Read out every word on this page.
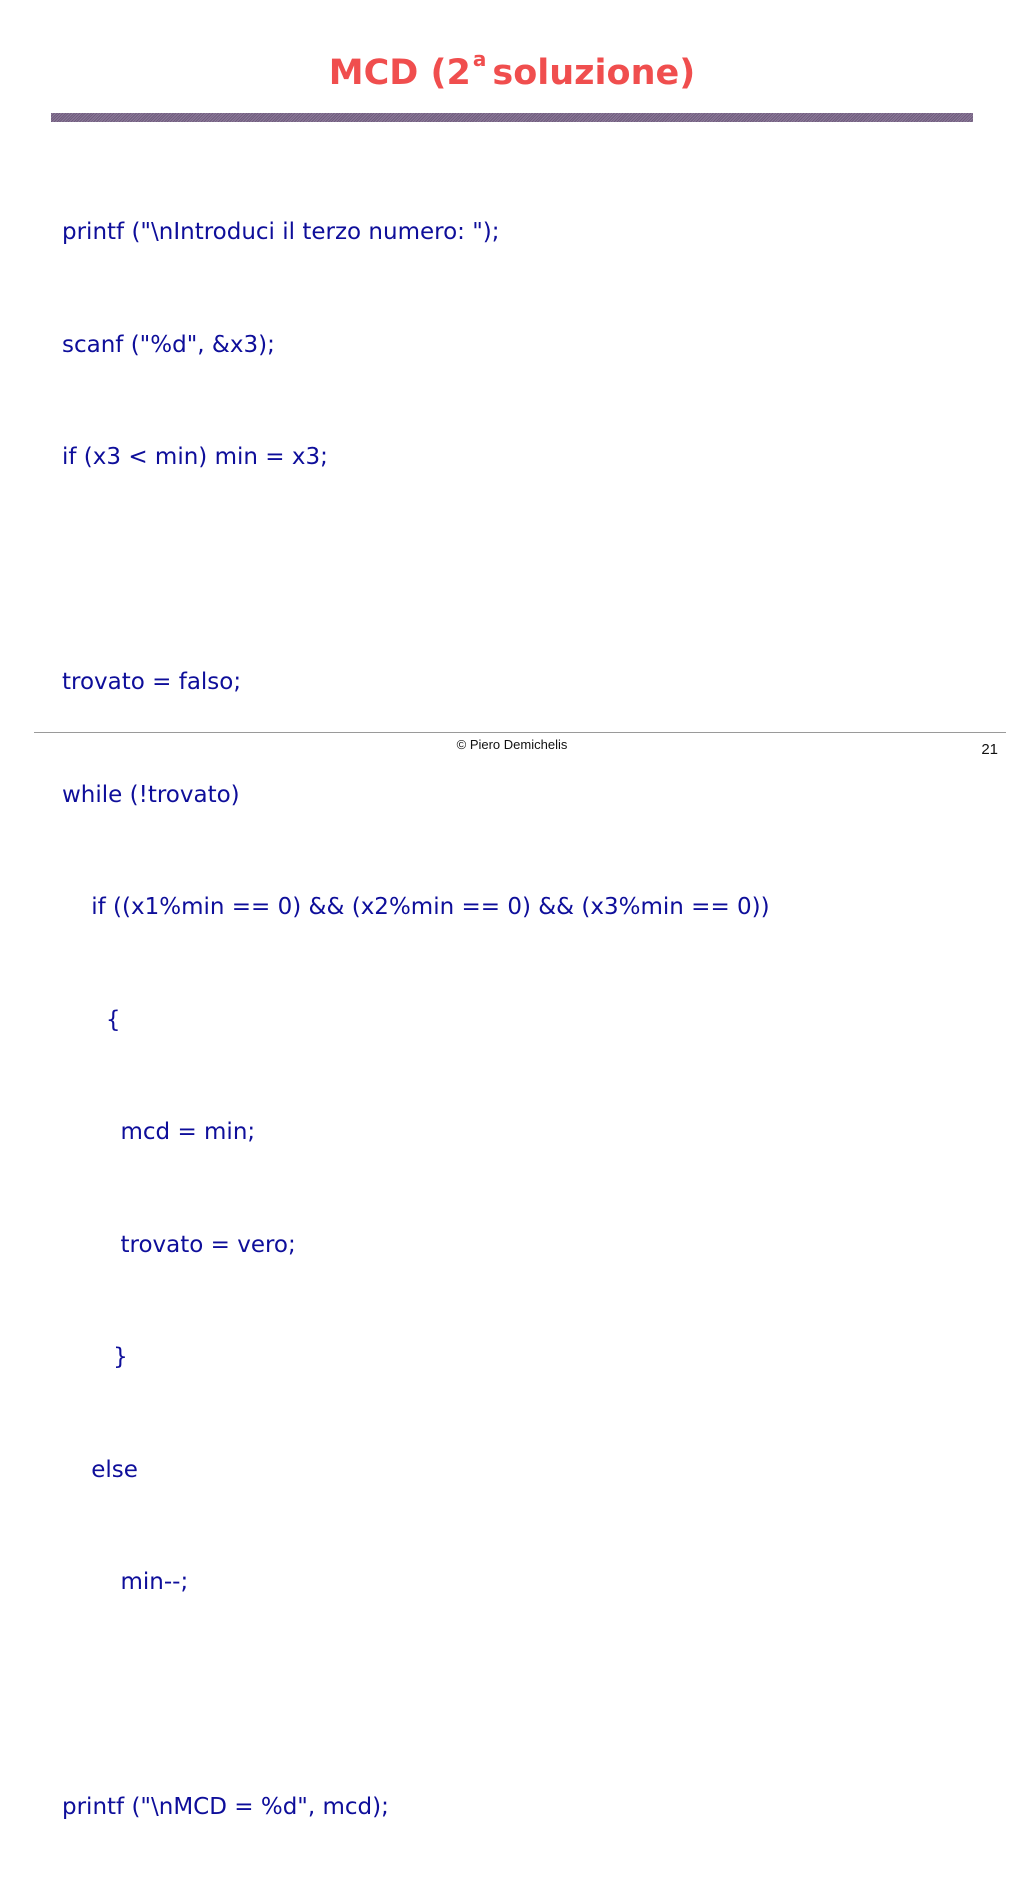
MCD (2 $^a$ soluzione)

printf ("\nIntroduci il terzo numero: ");

scanf ("%d", &x3);

if (x3 < min) min = x3;

trovato = falso;

while (!trovato)

if ((x1%min == 0) && (x2%min == 0) && (x3%min == 0))

{

mcd = min;

trovato = vero;

}

else

min--;

printf ("\nMCD = %d", mcd);

© Piero Demichelis	21
